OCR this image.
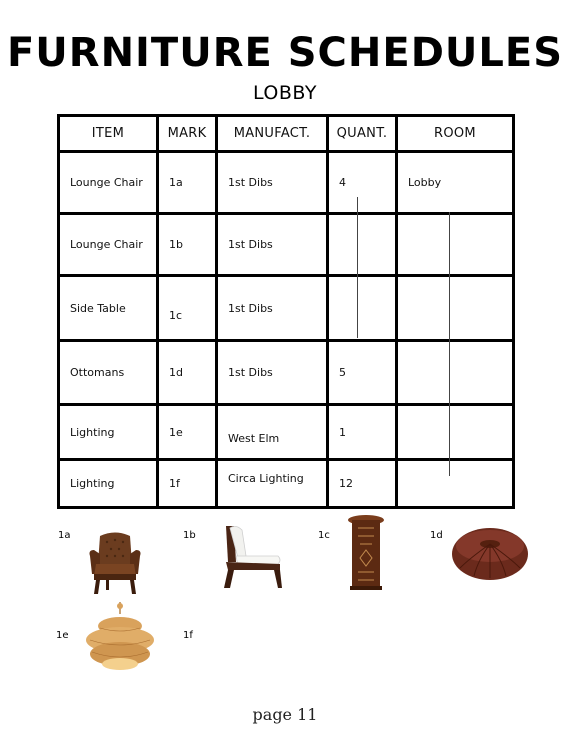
FURNITURE SCHEDULES
LOBBY
ITEM	MARK	MANUFACT.	QUANT.	ROOM
Lounge Chair	1a	1st Dibs	4	Lobby
Lounge Chair	1b	1st Dibs		
Side Table	1c	1st Dibs		
Ottomans	1d	1st Dibs	5	
Lighting	1e	West Elm	1	
Lighting	1f	Circa Lighting	12	
1a	1b	1c	1d
1e	1f
page 11
